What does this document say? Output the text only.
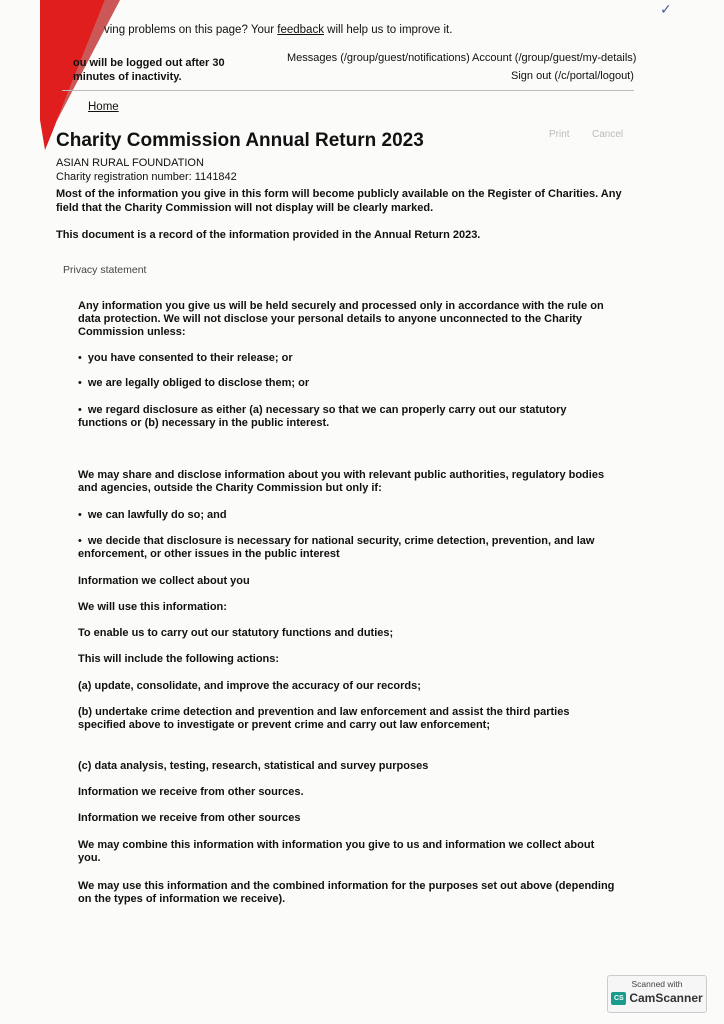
✓
ving problems on this page? Your feedback will help us to improve it.
ou will be logged out after 30
minutes of inactivity.
Messages (/group/guest/notifications) Account (/group/guest/my-details)
Sign out (/c/portal/logout)
Home
Charity Commission Annual Return 2023	Print Cancel
ASIAN RURAL FOUNDATION
Charity registration number: 1141842
Most of the information you give in this form will become publicly available on the Register of Charities. Any field that the Charity Commission will not display will be clearly marked.
This document is a record of the information provided in the Annual Return 2023.
Privacy statement

Any information you give us will be held securely and processed only in accordance with the rule on data protection. We will not disclose your personal details to anyone unconnected to the Charity Commission unless:

• you have consented to their release; or

• we are legally obliged to disclose them; or

• we regard disclosure as either (a) necessary so that we can properly carry out our statutory functions or (b) necessary in the public interest.

We may share and disclose information about you with relevant public authorities, regulatory bodies and agencies, outside the Charity Commission but only if:

• we can lawfully do so; and

• we decide that disclosure is necessary for national security, crime detection, prevention, and law enforcement, or other issues in the public interest

Information we collect about you

We will use this information:

To enable us to carry out our statutory functions and duties;

This will include the following actions:

(a) update, consolidate, and improve the accuracy of our records;

(b) undertake crime detection and prevention and law enforcement and assist the third parties specified above to investigate or prevent crime and carry out law enforcement;

(c) data analysis, testing, research, statistical and survey purposes

Information we receive from other sources.

Information we receive from other sources

We may combine this information with information you give to us and information we collect about you.

We may use this information and the combined information for the purposes set out above (depending on the types of information we receive).

Scanned with
CS CamScanner
